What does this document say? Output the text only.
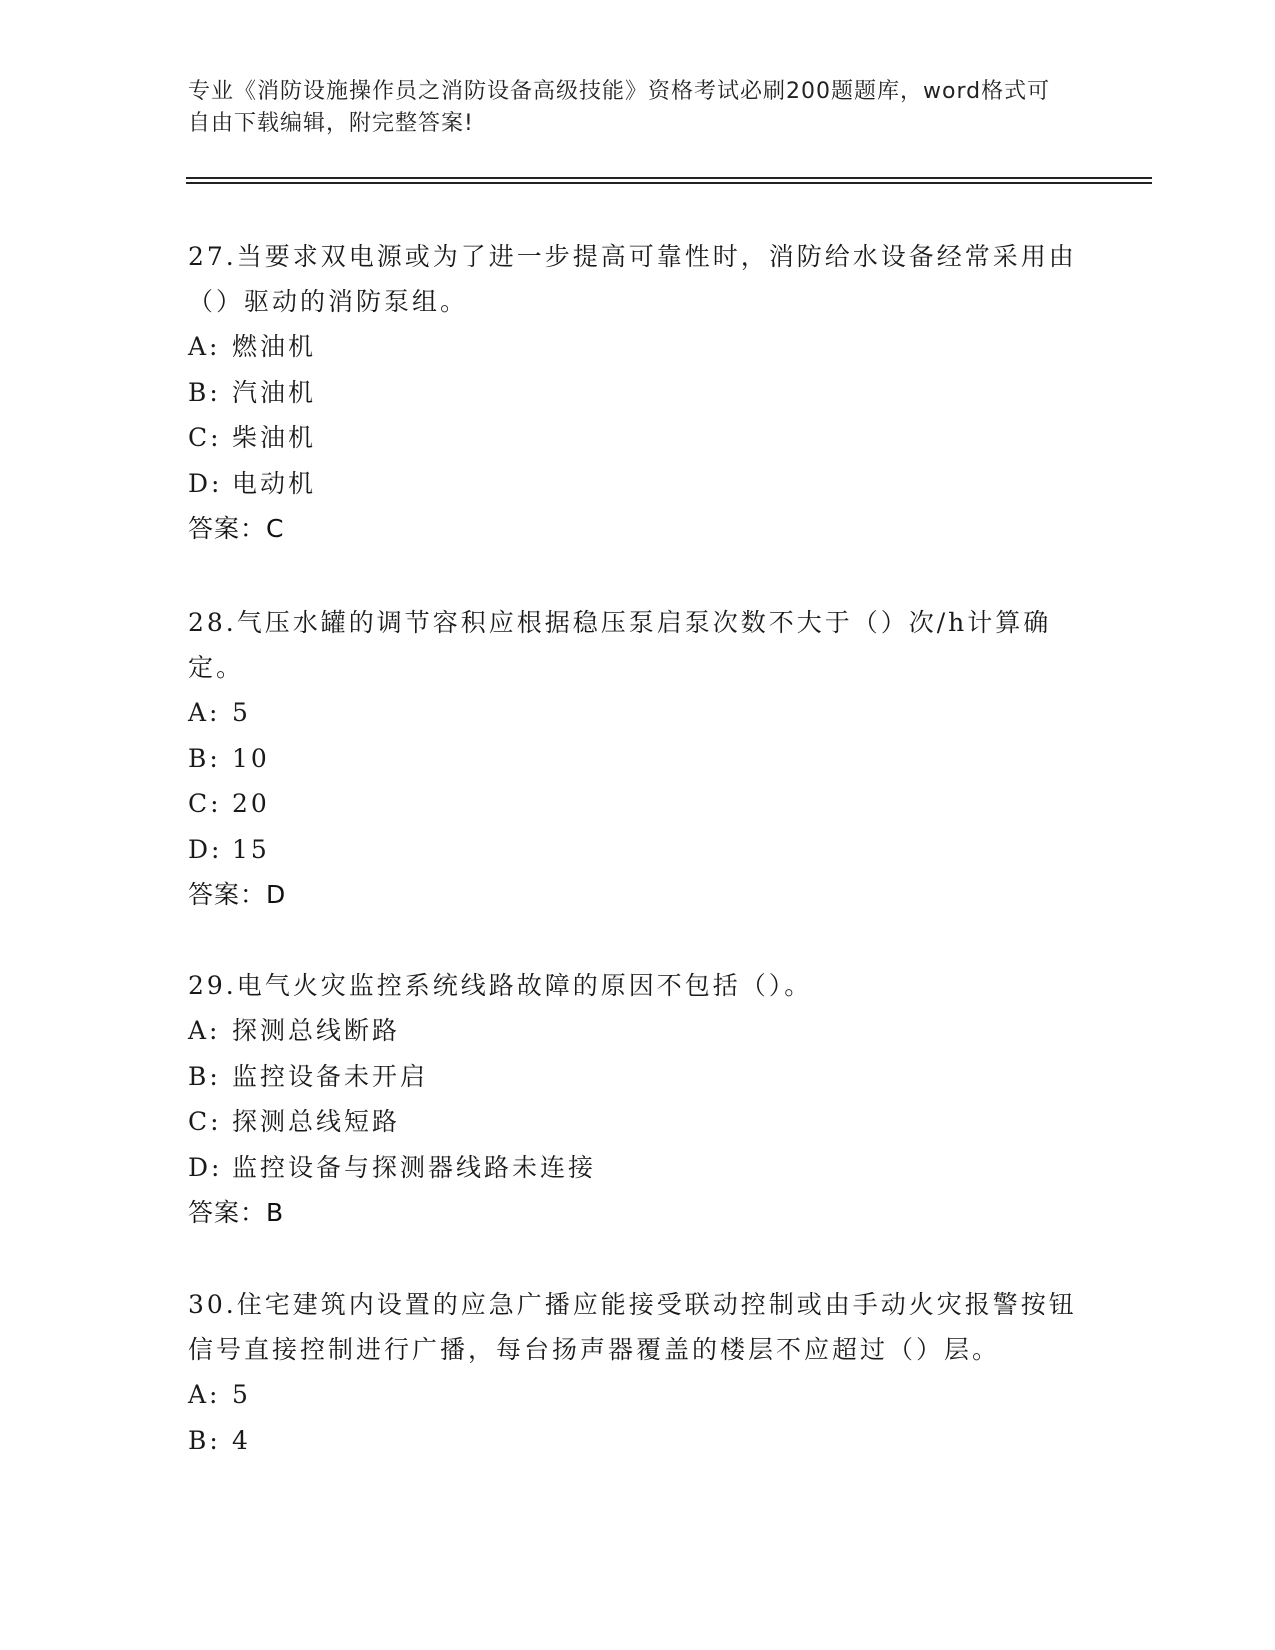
专业《消防设施操作员之消防设备高级技能》资格考试必刷200题题库，word格式可自由下载编辑，附完整答案!

27.当要求双电源或为了进一步提高可靠性时，消防给水设备经常采用由（）驱动的消防泵组。

A: 燃油机

B: 汽油机

C: 柴油机

D: 电动机

答案：C

28.气压水罐的调节容积应根据稳压泵启泵次数不大于（）次/h计算确定。

A: 5

B: 10

C: 20

D: 15

答案：D

29.电气火灾监控系统线路故障的原因不包括（）。

A: 探测总线断路

B: 监控设备未开启

C: 探测总线短路

D: 监控设备与探测器线路未连接

答案：B

30.住宅建筑内设置的应急广播应能接受联动控制或由手动火灾报警按钮信号直接控制进行广播，每台扬声器覆盖的楼层不应超过（）层。

A: 5

B: 4
